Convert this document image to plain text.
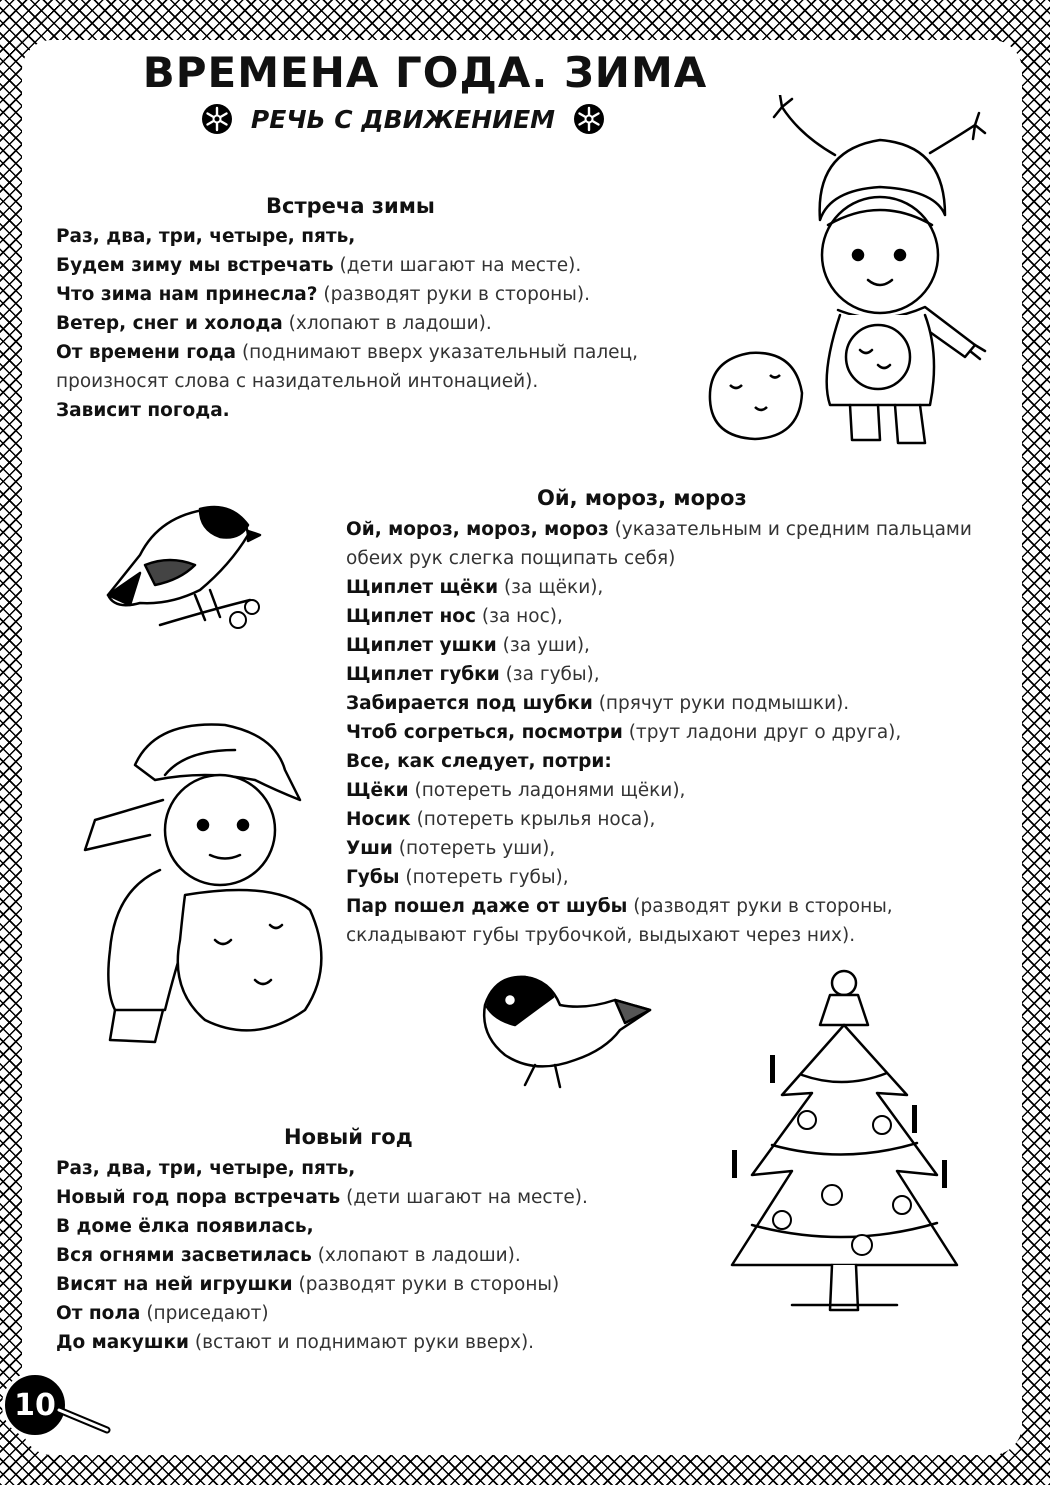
ВРЕМЕНА ГОДА. ЗИМА
РЕЧЬ С ДВИЖЕНИЕМ
Встреча зимы
Раз, два, три, четыре, пять,
Будем зиму мы встречать (дети шагают на месте).
Что зима нам принесла? (разводят руки в стороны).
Ветер, снег и холода (хлопают в ладоши).
От времени года (поднимают вверх указательный палец, произносят слова с назидательной интонацией).
Зависит погода.
Ой, мороз, мороз
Ой, мороз, мороз, мороз (указательным и средним пальцами обеих рук слегка пощипать себя)
Щиплет щёки (за щёки),
Щиплет нос (за нос),
Щиплет ушки (за уши),
Щиплет губки (за губы),
Забирается под шубки (прячут руки подмышки).
Чтоб согреться, посмотри (трут ладони друг о друга),
Все, как следует, потри:
Щёки (потереть ладонями щёки),
Носик (потереть крылья носа),
Уши (потереть уши),
Губы (потереть губы),
Пар пошел даже от шубы (разводят руки в стороны, складывают губы трубочкой, выдыхают через них).
Новый год
Раз, два, три, четыре, пять,
Новый год пора встречать (дети шагают на месте).
В доме ёлка появилась,
Вся огнями засветилась (хлопают в ладоши).
Висят на ней игрушки (разводят руки в стороны)
От пола (приседают)
До макушки (встают и поднимают руки вверх).
10
